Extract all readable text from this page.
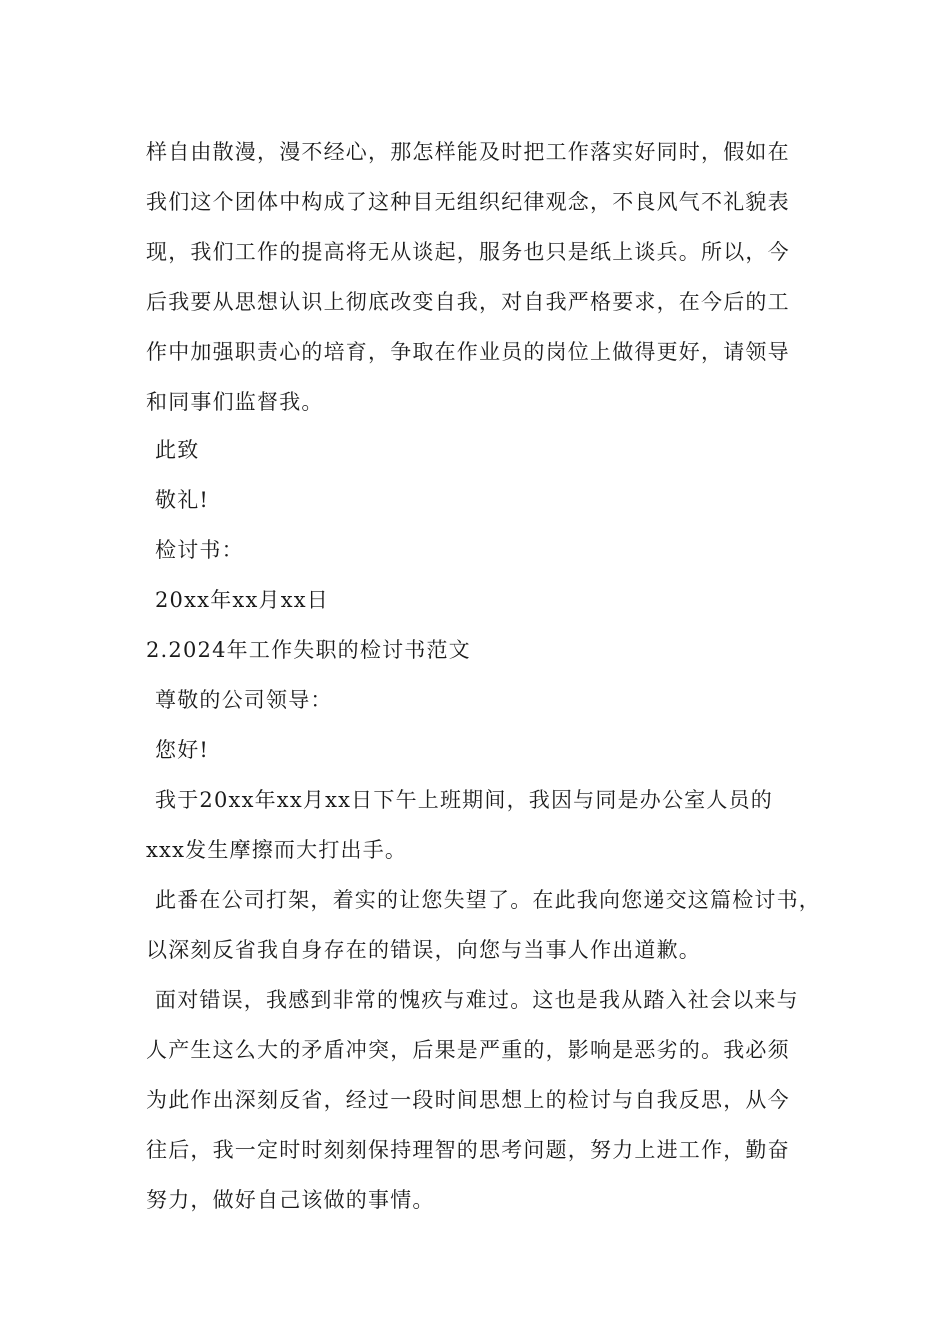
样自由散漫，漫不经心，那怎样能及时把工作落实好同时，假如在
我们这个团体中构成了这种目无组织纪律观念，不良风气不礼貌表
现，我们工作的提高将无从谈起，服务也只是纸上谈兵。所以，今
后我要从思想认识上彻底改变自我，对自我严格要求，在今后的工
作中加强职责心的培育，争取在作业员的岗位上做得更好，请领导
和同事们监督我。
此致
敬礼!
检讨书：
20xx年xx月xx日
2.2024年工作失职的检讨书范文
尊敬的公司领导：
您好!
我于20xx年xx月xx日下午上班期间，我因与同是办公室人员的
xxx发生摩擦而大打出手。
此番在公司打架，着实的让您失望了。在此我向您递交这篇检讨书，
以深刻反省我自身存在的错误，向您与当事人作出道歉。
面对错误，我感到非常的愧疚与难过。这也是我从踏入社会以来与
人产生这么大的矛盾冲突，后果是严重的，影响是恶劣的。我必须
为此作出深刻反省，经过一段时间思想上的检讨与自我反思，从今
往后，我一定时时刻刻保持理智的思考问题，努力上进工作，勤奋
努力，做好自己该做的事情。
